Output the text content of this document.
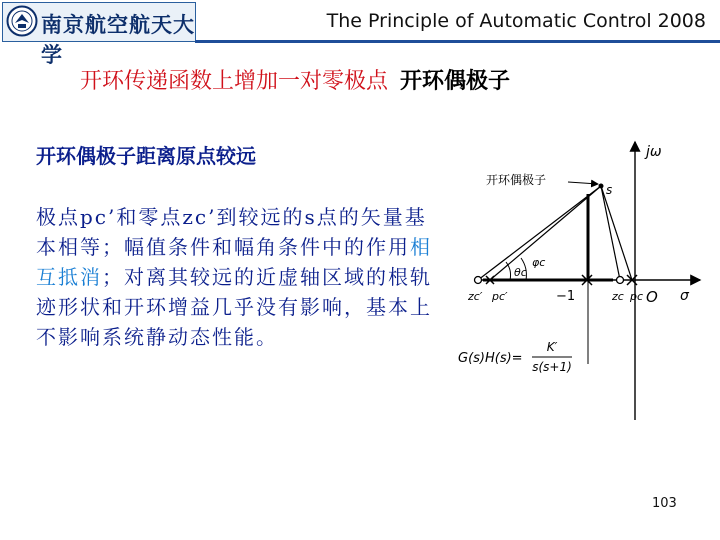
南京航空航天大学
The Principle of Automatic Control 2008
开环传递函数上增加一对零极点 开环偶极子
开环偶极子距离原点较远
极点pc’和零点zc’到较远的s点的矢量基本相等；幅值条件和幅角条件中的作用相互抵消；对离其较远的近虚轴区域的根轨迹形状和开环增益几乎没有影响，基本上不影响系统静动态性能。
开环偶极子
jω
s
θc
φc
zc′ pc′	−1	zc pc O σ
G(s)H(s)=
K′
s(s+1)
103
